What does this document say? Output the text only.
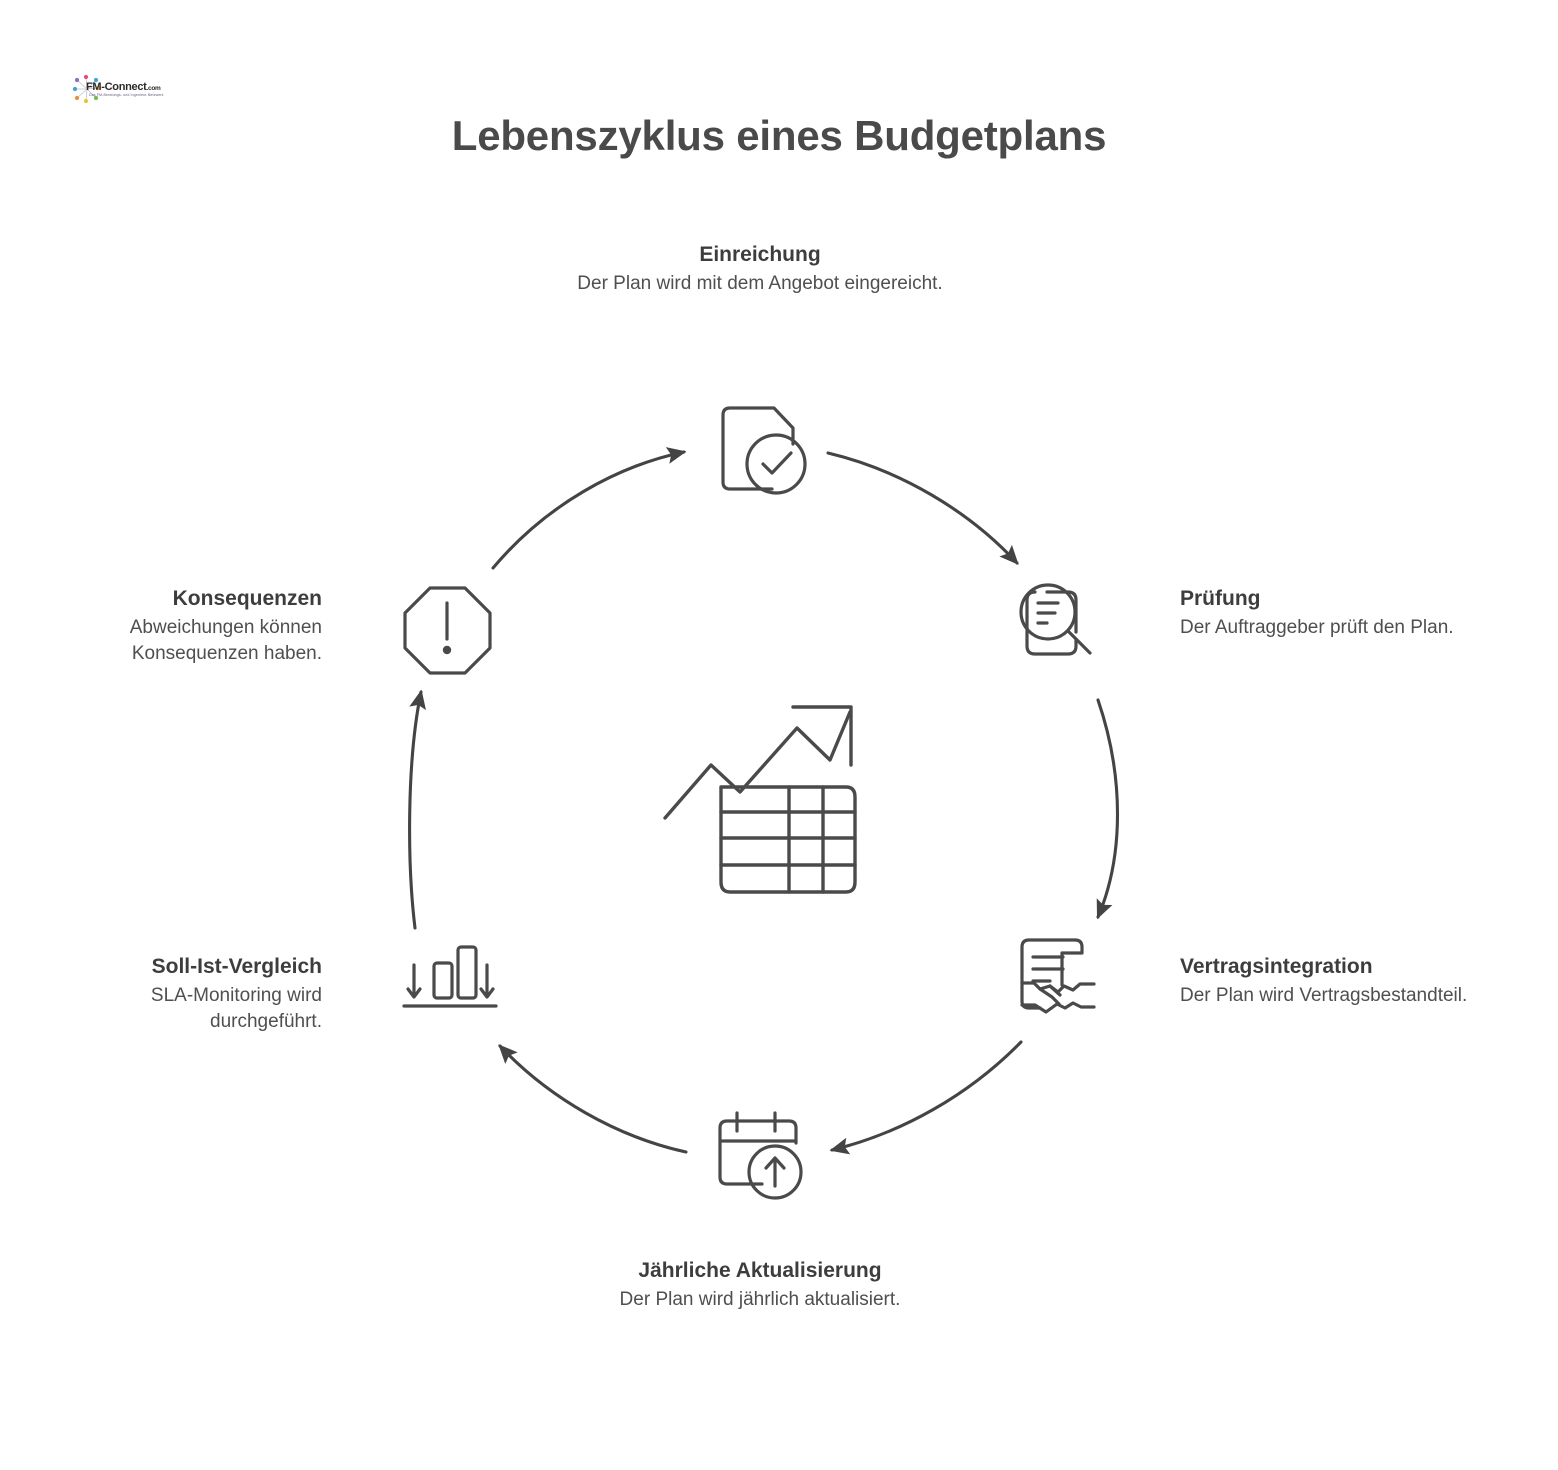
FM-Connect.com
Das FM-Beratungs- und Ingenieur-Netzwerk
Lebenszyklus eines Budgetplans
Einreichung
Der Plan wird mit dem Angebot eingereicht.
Prüfung
Der Auftraggeber prüft den Plan.
Vertragsintegration
Der Plan wird Vertragsbestandteil.
Jährliche Aktualisierung
Der Plan wird jährlich aktualisiert.
Soll-Ist-Vergleich
SLA-Monitoring wird durchgeführt.
Konsequenzen
Abweichungen können Konsequenzen haben.
